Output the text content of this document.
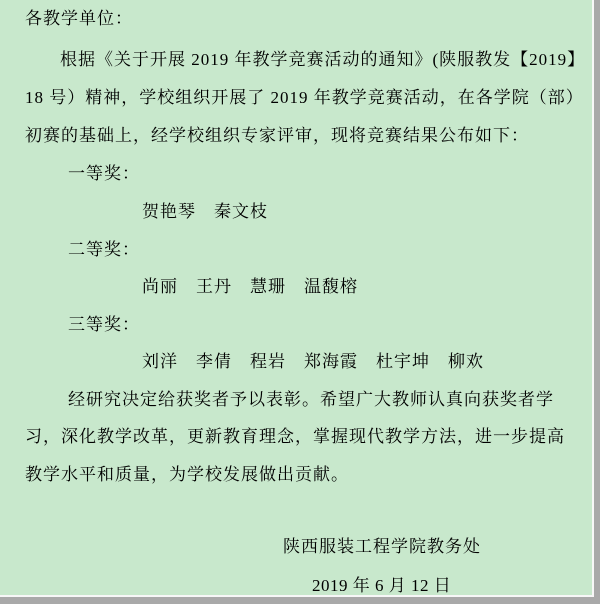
各教学单位：
根据《关于开展 2019 年教学竞赛活动的通知》(陕服教发【2019】
18 号）精神，学校组织开展了 2019 年教学竞赛活动，在各学院（部）
初赛的基础上，经学校组织专家评审，现将竞赛结果公布如下：
一等奖：
贺艳琴　秦文枝
二等奖：
尚丽　王丹　慧珊　温馥榕
三等奖：
刘洋　李倩　程岩　郑海霞　杜宇坤　柳欢
经研究决定给获奖者予以表彰。希望广大教师认真向获奖者学
习，深化教学改革，更新教育理念，掌握现代教学方法，进一步提高
教学水平和质量，为学校发展做出贡献。
陕西服装工程学院教务处
2019 年 6 月 12 日
